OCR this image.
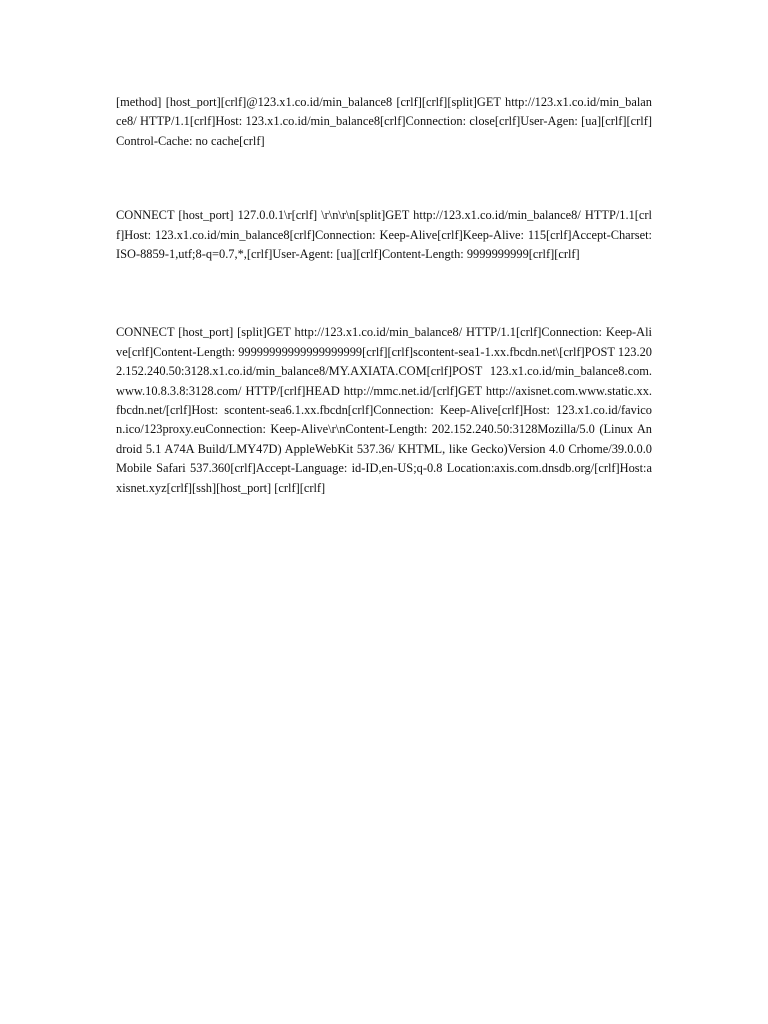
[method] [host_port][crlf]@123.x1.co.id/min_balance8 [crlf][crlf][split]GET http://123.x1.co.id/min_balance8/ HTTP/1.1[crlf]Host: 123.x1.co.id/min_balance8[crlf]Connection: close[crlf]User-Agen: [ua][crlf][crlf]Control-Cache: no cache[crlf]

CONNECT [host_port] 127.0.0.1\r[crlf] \r\n\r\n[split]GET http://123.x1.co.id/min_balance8/ HTTP/1.1[crlf]Host: 123.x1.co.id/min_balance8[crlf]Connection: Keep-Alive[crlf]Keep-Alive: 115[crlf]Accept-Charset: ISO-8859-1,utf;8-q=0.7,*,[crlf]User-Agent: [ua][crlf]Content-Length: 9999999999[crlf][crlf]

CONNECT [host_port] [split]GET http://123.x1.co.id/min_balance8/ HTTP/1.1[crlf]Connection: Keep-Alive[crlf]Content-Length: 99999999999999999999[crlf][crlf]scontent-sea1-1.xx.fbcdn.net\[crlf]POST 123.202.152.240.50:3128.x1.co.id/min_balance8/MY.AXIATA.COM[crlf]POST 123.x1.co.id/min_balance8.com.www.10.8.3.8:3128.com/ HTTP/[crlf]HEAD http://mmc.net.id/[crlf]GET http://axisnet.com.www.static.xx.fbcdn.net/[crlf]Host: scontent-sea6.1.xx.fbcdn[crlf]Connection: Keep-Alive[crlf]Host: 123.x1.co.id/favicon.ico/123proxy.euConnection: Keep-Alive\r\nContent-Length: 202.152.240.50:3128Mozilla/5.0 (Linux Android 5.1 A74A Build/LMY47D) AppleWebKit 537.36/ KHTML, like Gecko)Version 4.0 Crhome/39.0.0.0 Mobile Safari 537.360[crlf]Accept-Language: id-ID,en-US;q-0.8 Location:axis.com.dnsdb.org/[crlf]Host:axisnet.xyz[crlf][ssh][host_port] [crlf][crlf]
